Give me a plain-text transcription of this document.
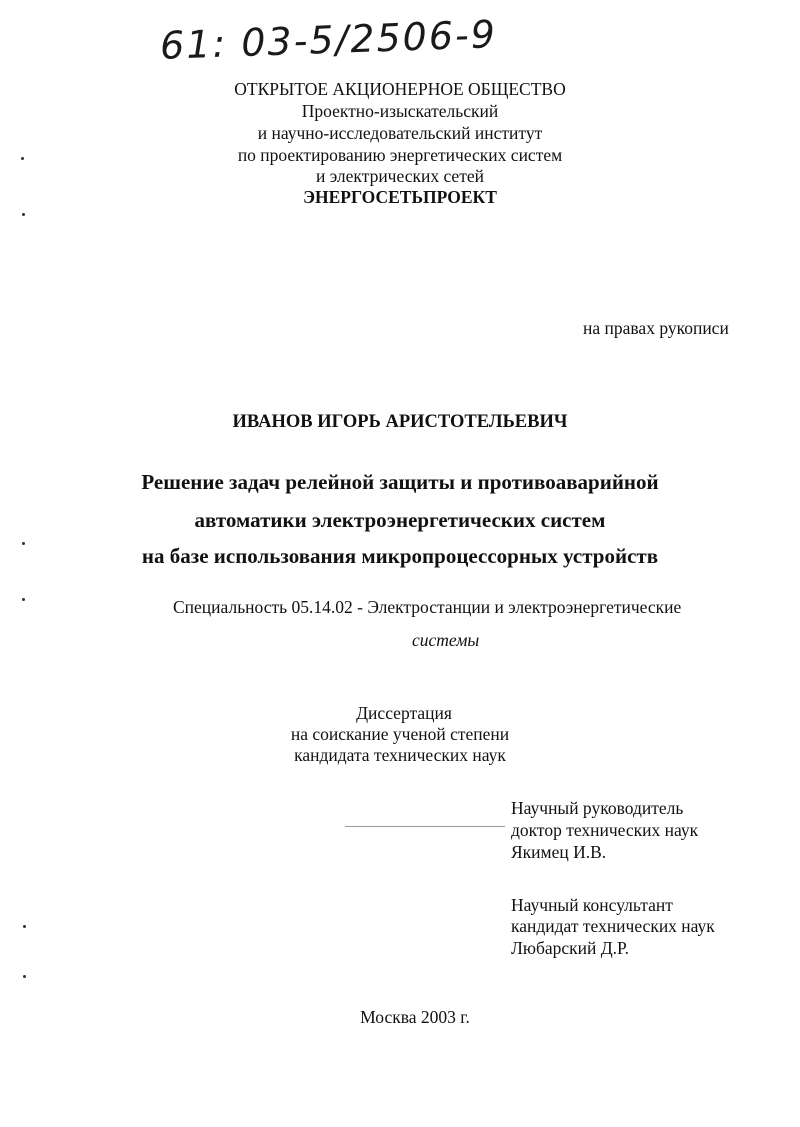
61: 03-5/2506-9
ОТКРЫТОЕ АКЦИОНЕРНОЕ ОБЩЕСТВО
Проектно-изыскательский
и научно-исследовательский институт
по проектированию энергетических систем
и электрических сетей
ЭНЕРГОСЕТЬПРОЕКТ
на правах рукописи
ИВАНОВ ИГОРЬ АРИСТОТЕЛЬЕВИЧ
Решение задач релейной защиты и противоаварийной
автоматики электроэнергетических систем
на базе использования микропроцессорных устройств
Специальность 05.14.02 - Электростанции и электроэнергетические
системы
Диссертация
на соискание ученой степени
кандидата технических наук
Научный руководитель
доктор технических наук
Якимец И.В.
Научный консультант
кандидат технических наук
Любарский Д.Р.
Москва 2003 г.
